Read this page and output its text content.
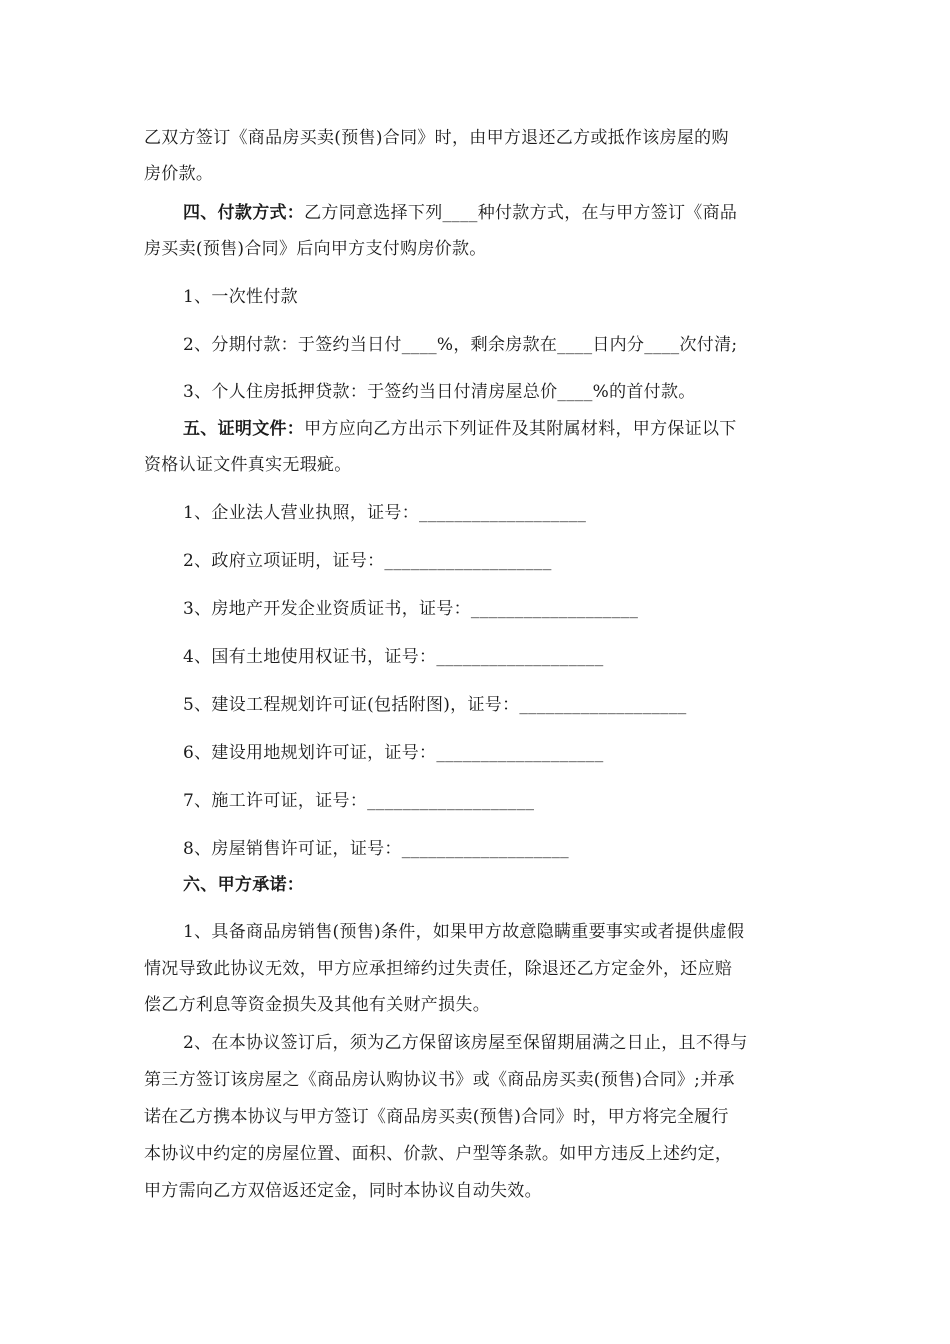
乙双方签订《商品房买卖(预售)合同》时，由甲方退还乙方或抵作该房屋的购
房价款。
四、付款方式：乙方同意选择下列____种付款方式，在与甲方签订《商品
房买卖(预售)合同》后向甲方支付购房价款。
1、一次性付款
2、分期付款：于签约当日付____%，剩余房款在____日内分____次付清;
3、个人住房抵押贷款：于签约当日付清房屋总价____%的首付款。
五、证明文件：甲方应向乙方出示下列证件及其附属材料，甲方保证以下
资格认证文件真实无瑕疵。
1、企业法人营业执照，证号：___________________
2、政府立项证明，证号：___________________
3、房地产开发企业资质证书，证号：___________________
4、国有土地使用权证书，证号：___________________
5、建设工程规划许可证(包括附图)，证号：___________________
6、建设用地规划许可证，证号：___________________
7、施工许可证，证号：___________________
8、房屋销售许可证，证号：___________________
六、甲方承诺：
1、具备商品房销售(预售)条件，如果甲方故意隐瞒重要事实或者提供虚假
情况导致此协议无效，甲方应承担缔约过失责任，除退还乙方定金外，还应赔
偿乙方利息等资金损失及其他有关财产损失。
2、在本协议签订后，须为乙方保留该房屋至保留期届满之日止，且不得与
第三方签订该房屋之《商品房认购协议书》或《商品房买卖(预售)合同》;并承
诺在乙方携本协议与甲方签订《商品房买卖(预售)合同》时，甲方将完全履行
本协议中约定的房屋位置、面积、价款、户型等条款。如甲方违反上述约定，
甲方需向乙方双倍返还定金，同时本协议自动失效。
